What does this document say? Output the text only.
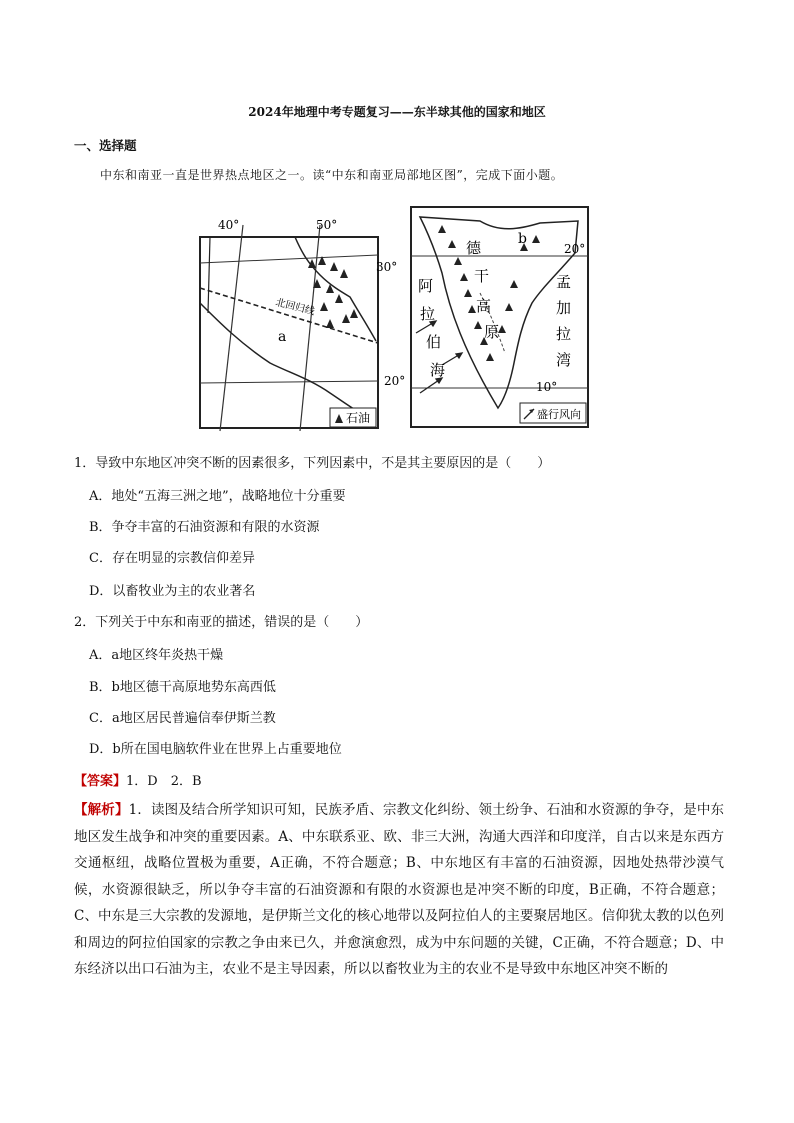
2024年地理中考专题复习——东半球其他的国家和地区
一、选择题
中东和南亚一直是世界热点地区之一。读“中东和南亚局部地区图”，完成下面小题。
40°	50°
30°
20°
北回归线
a
石油
b
德
干
高
原
阿
拉
伯
海
孟
加
拉
湾
20°
10°
盛行风向
1．导致中东地区冲突不断的因素很多，下列因素中，不是其主要原因的是（　　）
A．地处“五海三洲之地”，战略地位十分重要
B．争夺丰富的石油资源和有限的水资源
C．存在明显的宗教信仰差异
D．以畜牧业为主的农业著名
2．下列关于中东和南亚的描述，错误的是（　　）
A．a地区终年炎热干燥
B．b地区德干高原地势东高西低
C．a地区居民普遍信奉伊斯兰教
D．b所在国电脑软件业在世界上占重要地位
【答案】1．D　2．B
【解析】1．读图及结合所学知识可知，民族矛盾、宗教文化纠纷、领土纷争、石油和水资源的争夺，是中东地区发生战争和冲突的重要因素。A、中东联系亚、欧、非三大洲，沟通大西洋和印度洋，自古以来是东西方交通枢纽，战略位置极为重要，A正确，不符合题意；B、中东地区有丰富的石油资源，因地处热带沙漠气候，水资源很缺乏，所以争夺丰富的石油资源和有限的水资源也是冲突不断的印度，B正确，不符合题意；C、中东是三大宗教的发源地，是伊斯兰文化的核心地带以及阿拉伯人的主要聚居地区。信仰犹太教的以色列和周边的阿拉伯国家的宗教之争由来已久，并愈演愈烈，成为中东问题的关键，C正确，不符合题意；D、中东经济以出口石油为主，农业不是主导因素，所以以畜牧业为主的农业不是导致中东地区冲突不断的
